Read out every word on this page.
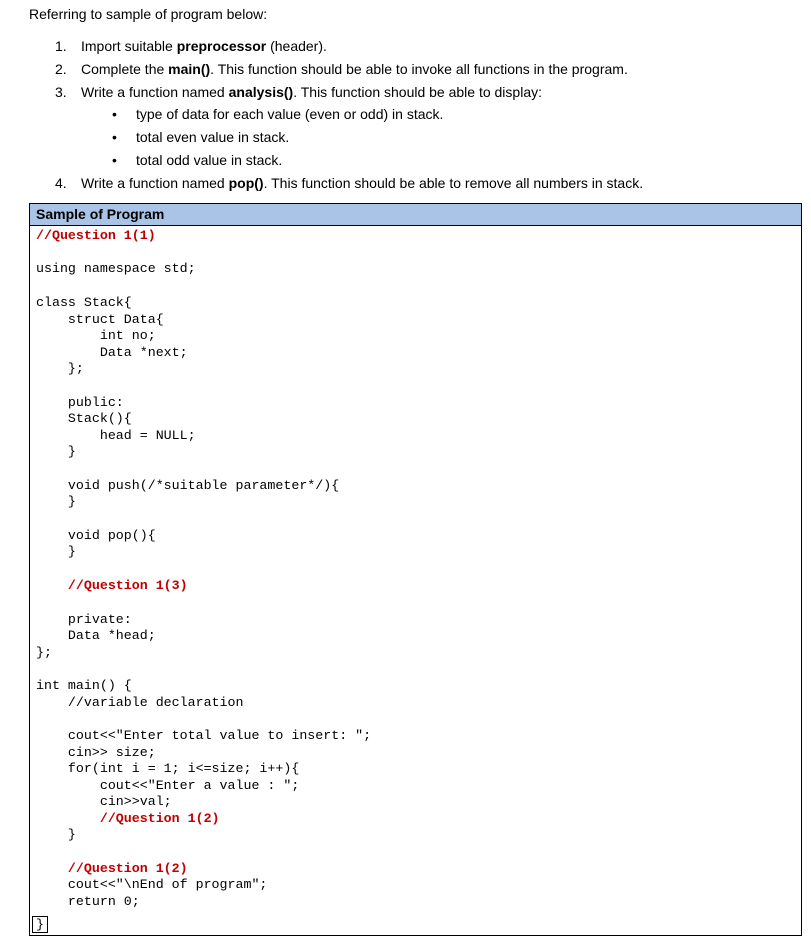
Referring to sample of program below:
1. Import suitable preprocessor (header).
2. Complete the main(). This function should be able to invoke all functions in the program.
3. Write a function named analysis(). This function should be able to display:
• type of data for each value (even or odd) in stack.
• total even value in stack.
• total odd value in stack.
4. Write a function named pop(). This function should be able to remove all numbers in stack.
Sample of Program
//Question 1(1)
using namespace std;
class Stack{
struct Data{
int no;
Data *next;
};
public:
Stack(){
head = NULL;
}
void push(/*suitable parameter*/){
}
void pop(){
}
//Question 1(3)
private:
Data *head;
};
int main() {
//variable declaration
cout<<"Enter total value to insert: ";
cin>> size;
for(int i = 1; i<=size; i++){
cout<<"Enter a value : ";
cin>>val;
//Question 1(2)
}
//Question 1(2)
cout<<"\nEnd of program";
return 0;
}
